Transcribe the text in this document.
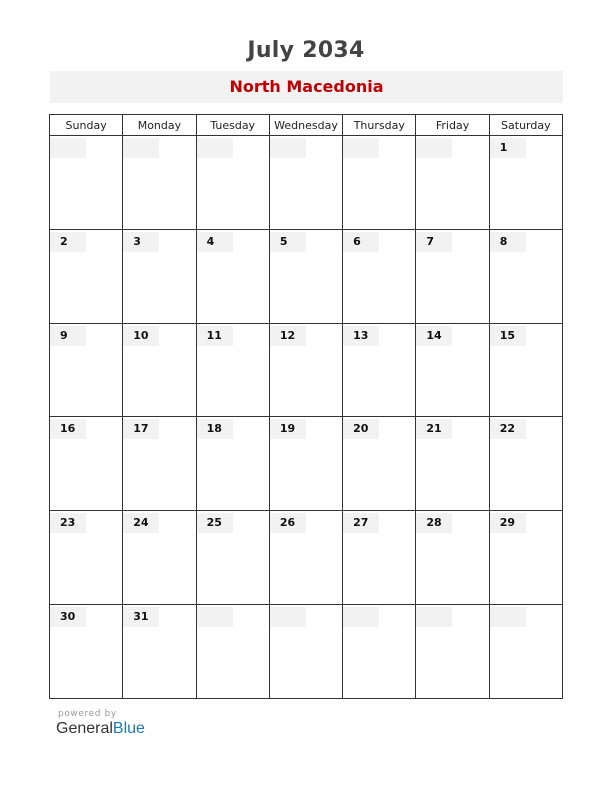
July 2034
North Macedonia
Sunday	Monday	Tuesday	Wednesday	Thursday	Friday	Saturday

						1

2	3	4	5	6	7	8

9	10	11	12	13	14	15

16	17	18	19	20	21	22

23	24	25	26	27	28	29

30	31					

powered by
GeneralBlue
